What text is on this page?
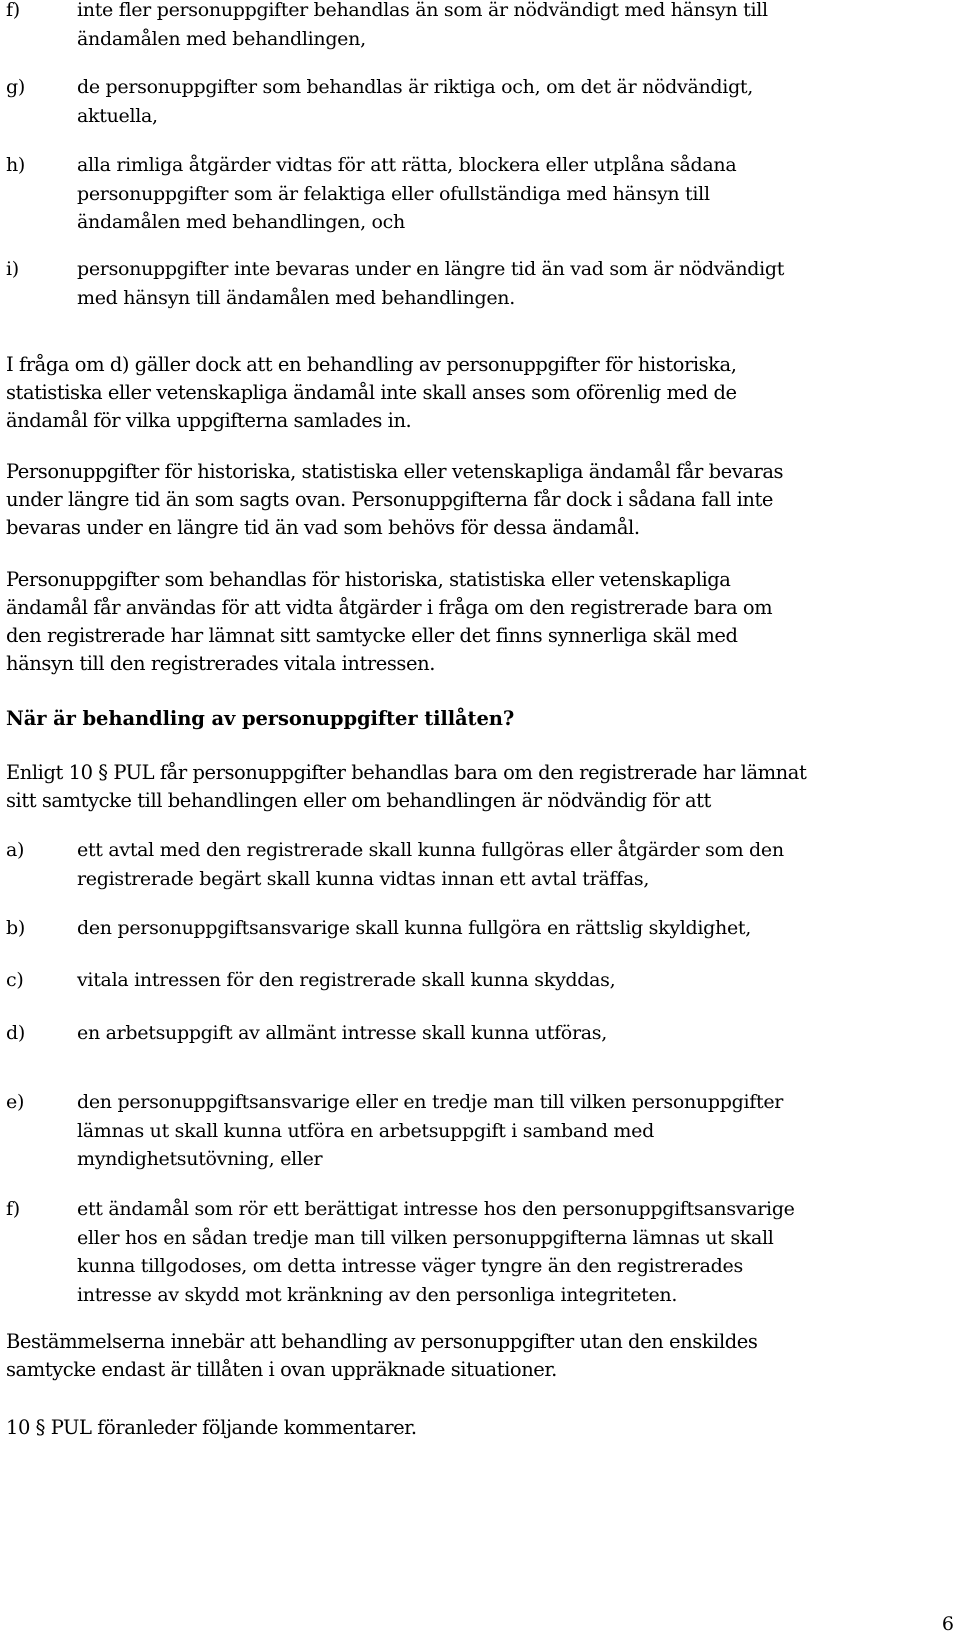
f)	inte fler personuppgifter behandlas än som är nödvändigt med hänsyn till
ändamålen med behandlingen,
g)	de personuppgifter som behandlas är riktiga och, om det är nödvändigt,
aktuella,
h)	alla rimliga åtgärder vidtas för att rätta, blockera eller utplåna sådana
personuppgifter som är felaktiga eller ofullständiga med hänsyn till
ändamålen med behandlingen, och
i)	personuppgifter inte bevaras under en längre tid än vad som är nödvändigt
med hänsyn till ändamålen med behandlingen.
I fråga om d) gäller dock att en behandling av personuppgifter för historiska,
statistiska eller vetenskapliga ändamål inte skall anses som oförenlig med de
ändamål för vilka uppgifterna samlades in.
Personuppgifter för historiska, statistiska eller vetenskapliga ändamål får bevaras
under längre tid än som sagts ovan. Personuppgifterna får dock i sådana fall inte
bevaras under en längre tid än vad som behövs för dessa ändamål.
Personuppgifter som behandlas för historiska, statistiska eller vetenskapliga
ändamål får användas för att vidta åtgärder i fråga om den registrerade bara om
den registrerade har lämnat sitt samtycke eller det finns synnerliga skäl med
hänsyn till den registrerades vitala intressen.
När är behandling av personuppgifter tillåten?
Enligt 10 § PUL får personuppgifter behandlas bara om den registrerade har lämnat
sitt samtycke till behandlingen eller om behandlingen är nödvändig för att
a)	ett avtal med den registrerade skall kunna fullgöras eller åtgärder som den
registrerade begärt skall kunna vidtas innan ett avtal träffas,
b)	den personuppgiftsansvarige skall kunna fullgöra en rättslig skyldighet,
c)	vitala intressen för den registrerade skall kunna skyddas,
d)	en arbetsuppgift av allmänt intresse skall kunna utföras,
e)	den personuppgiftsansvarige eller en tredje man till vilken personuppgifter
lämnas ut skall kunna utföra en arbetsuppgift i samband med
myndighetsutövning, eller
f)	ett ändamål som rör ett berättigat intresse hos den personuppgiftsansvarige
eller hos en sådan tredje man till vilken personuppgifterna lämnas ut skall
kunna tillgodoses, om detta intresse väger tyngre än den registrerades
intresse av skydd mot kränkning av den personliga integriteten.
Bestämmelserna innebär att behandling av personuppgifter utan den enskildes
samtycke endast är tillåten i ovan uppräknade situationer.
10 § PUL föranleder följande kommentarer.
6
